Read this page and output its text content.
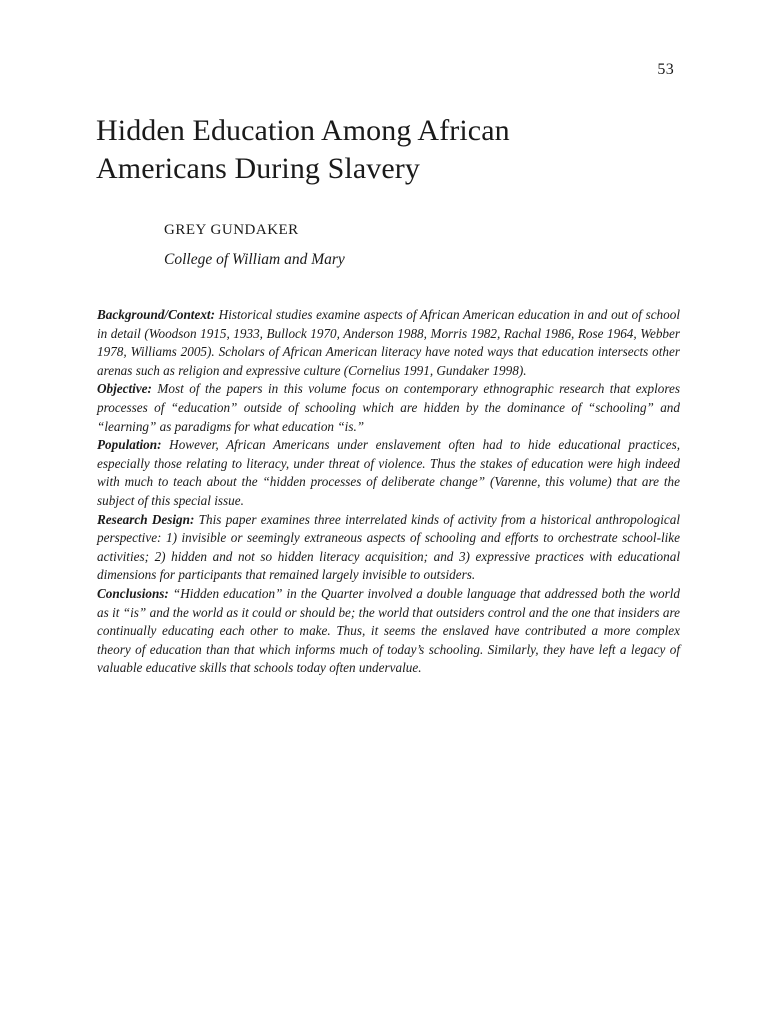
53
Hidden Education Among African
Americans During Slavery
GREY GUNDAKER
College of William and Mary

Background/Context: Historical studies examine aspects of African American education in and out of school in detail (Woodson 1915, 1933, Bullock 1970, Anderson 1988, Morris 1982, Rachal 1986, Rose 1964, Webber 1978, Williams 2005). Scholars of African American literacy have noted ways that education intersects other arenas such as religion and expressive culture (Cornelius 1991, Gundaker 1998).

Objective: Most of the papers in this volume focus on contemporary ethnographic research that explores processes of “education” outside of schooling which are hidden by the dominance of “schooling” and “learning” as paradigms for what education “is.”

Population: However, African Americans under enslavement often had to hide educational practices, especially those relating to literacy, under threat of violence. Thus the stakes of education were high indeed with much to teach about the “hidden processes of deliberate change” (Varenne, this volume) that are the subject of this special issue.

Research Design: This paper examines three interrelated kinds of activity from a historical anthropological perspective: 1) invisible or seemingly extraneous aspects of schooling and efforts to orchestrate school-like activities; 2) hidden and not so hidden literacy acquisition; and 3) expressive practices with educational dimensions for participants that remained largely invisible to outsiders.

Conclusions: “Hidden education” in the Quarter involved a double language that addressed both the world as it “is” and the world as it could or should be; the world that outsiders control and the one that insiders are continually educating each other to make. Thus, it seems the enslaved have contributed a more complex theory of education than that which informs much of today’s schooling. Similarly, they have left a legacy of valuable educative skills that schools today often undervalue.
